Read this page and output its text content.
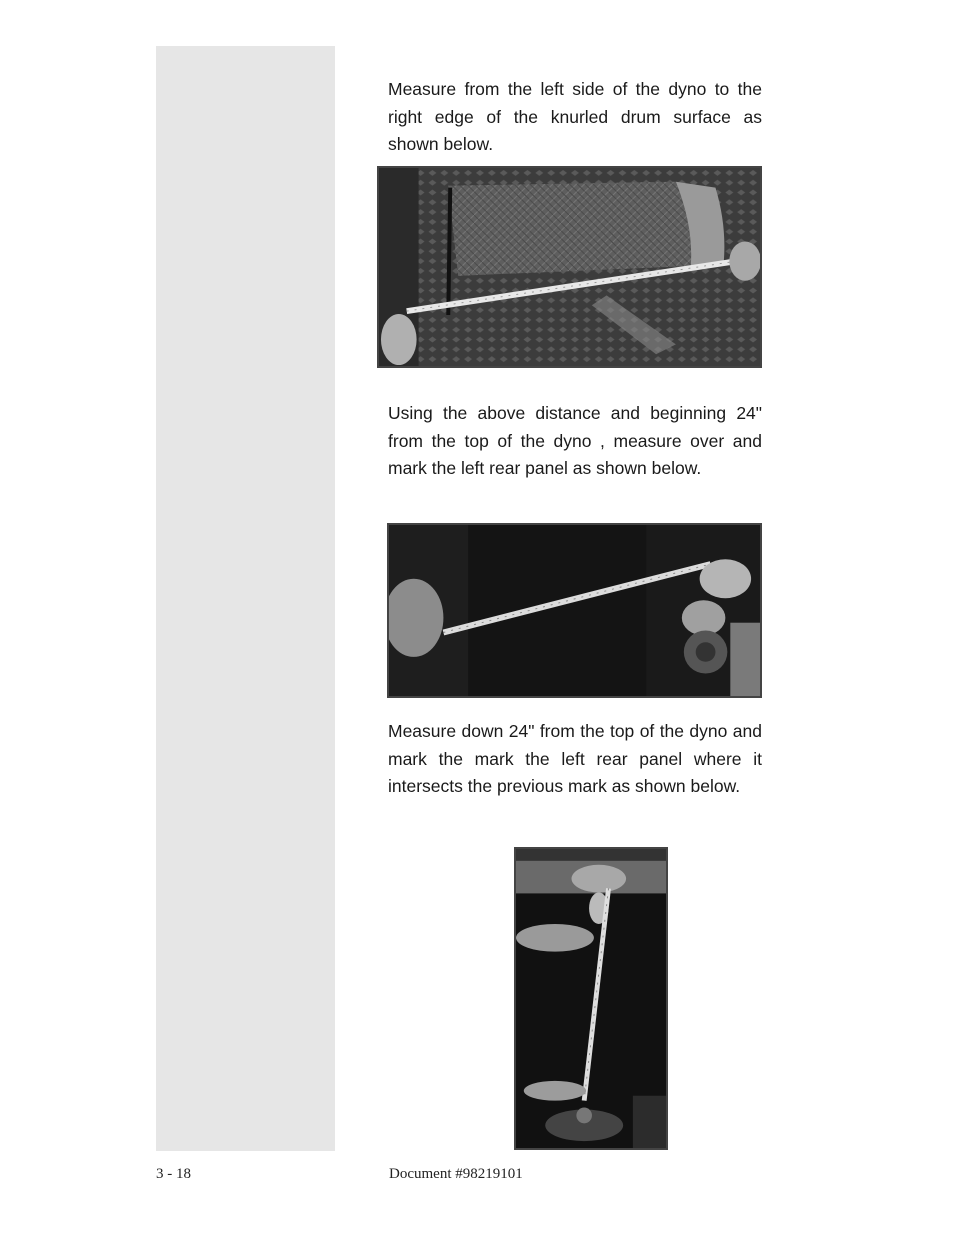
Measure from the left side of the dyno to the right edge of the knurled drum surface as shown below.

Using the above distance and beginning 24" from the top of the dyno , measure over and mark the left rear panel as shown below.

Measure down 24" from the top of the dyno and mark the mark the left rear panel where it intersects the previous mark as shown below.

3 - 18	Document #98219101
